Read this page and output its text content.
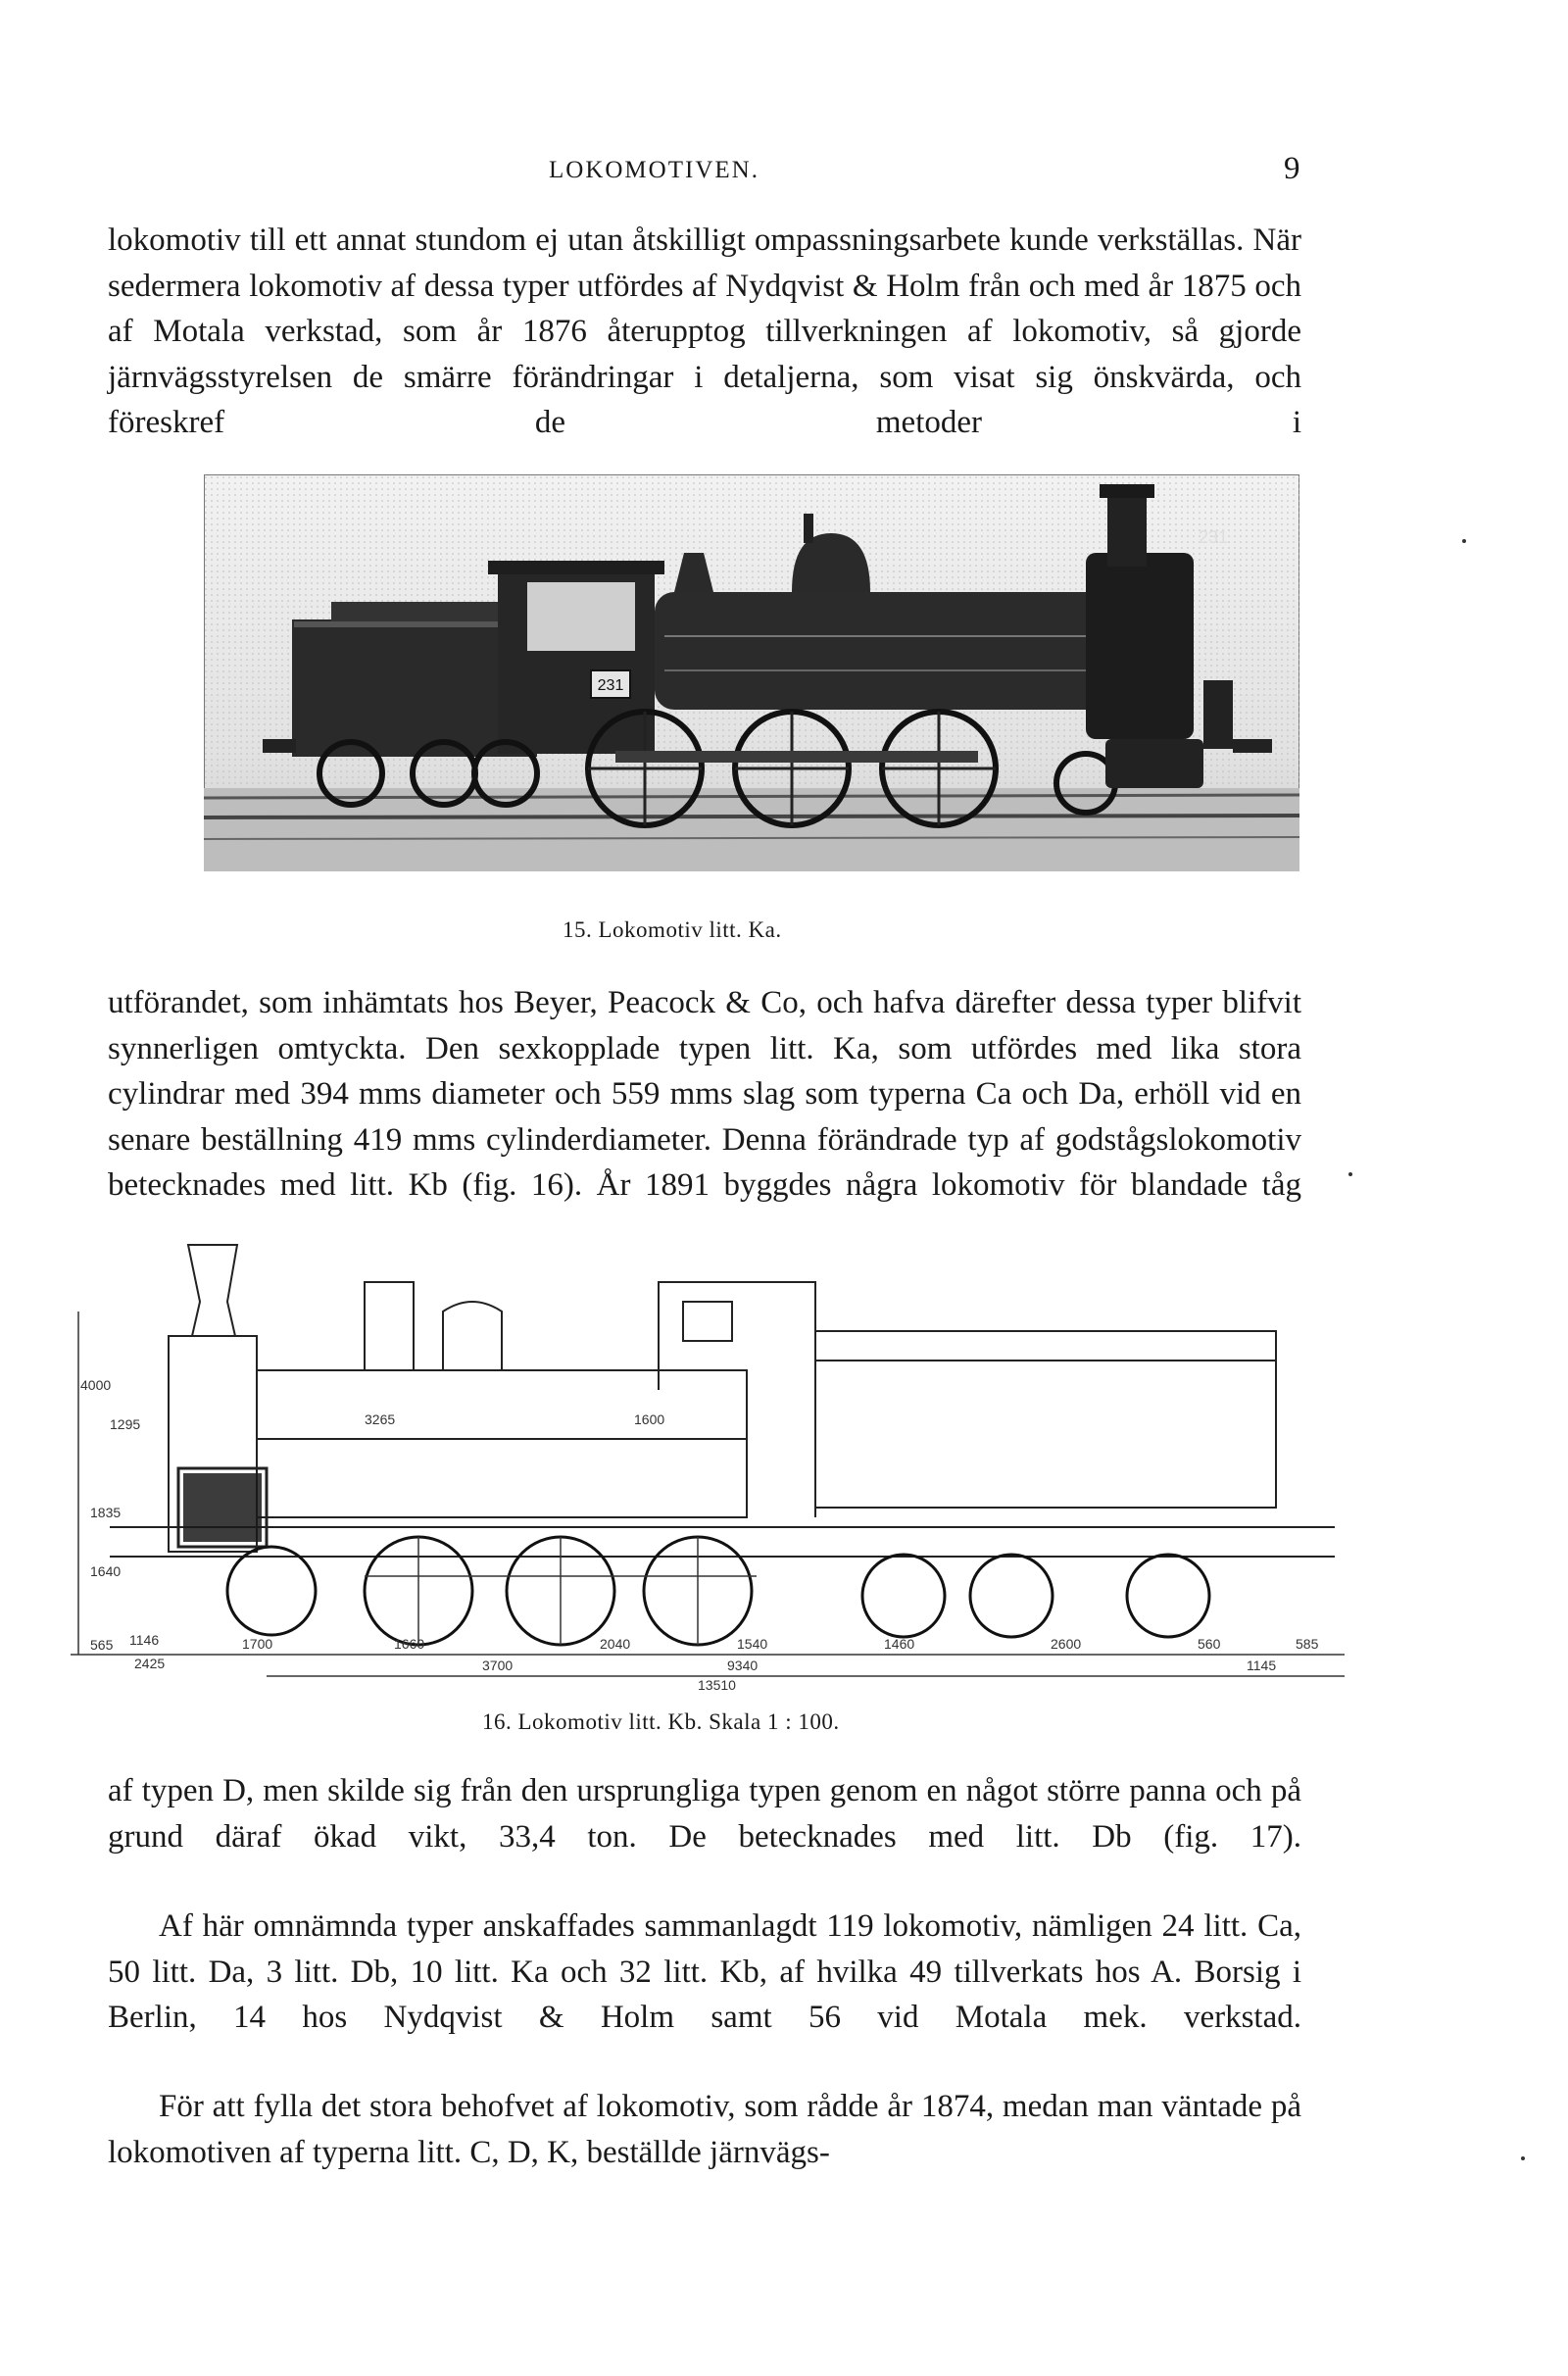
LOKOMOTIVEN.	9

lokomotiv till ett annat stundom ej utan åtskilligt ompassningsarbete kunde verkställas. När sedermera lokomotiv af dessa typer utfördes af Nydqvist & Holm från och med år 1875 och af Motala verkstad, som år 1876 återupptog tillverkningen af lokomotiv, så gjorde järnvägsstyrelsen de smärre förändringar i detaljerna, som visat sig önskvärda, och föreskref de metoder i

231
231
15. Lokomotiv litt. Ka.

utförandet, som inhämtats hos Beyer, Peacock & Co, och hafva därefter dessa typer blifvit synnerligen omtyckta. Den sexkopplade typen litt. Ka, som utfördes med lika stora cylindrar med 394 mms diameter och 559 mms slag som typerna Ca och Da, erhöll vid en senare beställning 419 mms cylinderdiameter. Denna förändrade typ af godstågslokomotiv betecknades med litt. Kb (fig. 16). År 1891 byggdes några lokomotiv för blandade tåg

4000
1295
1835
1640
3265	1600
565 1146
2425
1700	1660
3700
2040	1540	1460	2600	560	585
9340
13510
1145
16. Lokomotiv litt. Kb. Skala 1 : 100.

af typen D, men skilde sig från den ursprungliga typen genom en något större panna och på grund däraf ökad vikt, 33,4 ton. De betecknades med litt. Db (fig. 17).

Af här omnämnda typer anskaffades sammanlagdt 119 lokomotiv, nämligen 24 litt. Ca, 50 litt. Da, 3 litt. Db, 10 litt. Ka och 32 litt. Kb, af hvilka 49 tillverkats hos A. Borsig i Berlin, 14 hos Nydqvist & Holm samt 56 vid Motala mek. verkstad.

För att fylla det stora behofvet af lokomotiv, som rådde år 1874, medan man väntade på lokomotiven af typerna litt. C, D, K, beställde järnvägs-
